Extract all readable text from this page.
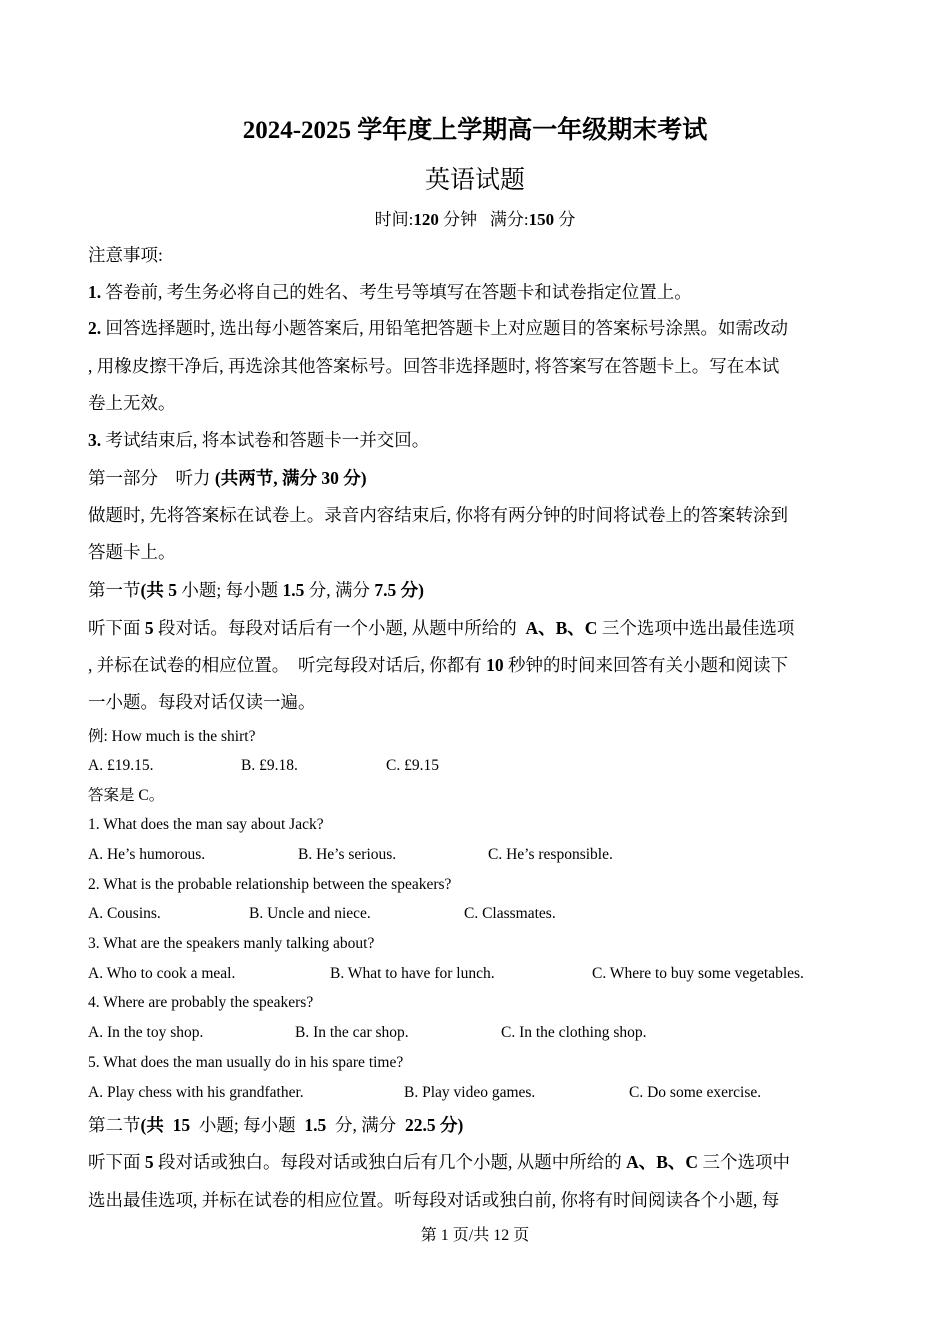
2024-2025 学年度上学期高一年级期末考试
英语试题
时间:120 分钟 满分:150 分
注意事项:
1. 答卷前, 考生务必将自己的姓名、考生号等填写在答题卡和试卷指定位置上。
2. 回答选择题时, 选出每小题答案后, 用铅笔把答题卡上对应题目的答案标号涂黑。如需改动
, 用橡皮擦干净后, 再选涂其他答案标号。回答非选择题时, 将答案写在答题卡上。写在本试
卷上无效。
3. 考试结束后, 将本试卷和答题卡一并交回。
第一部分　听力 (共两节, 满分 30 分)
做题时, 先将答案标在试卷上。录音内容结束后, 你将有两分钟的时间将试卷上的答案转涂到
答题卡上。
第一节(共 5 小题; 每小题 1.5 分, 满分 7.5 分)
听下面 5 段对话。每段对话后有一个小题, 从题中所给的 A、B、C 三个选项中选出最佳选项
, 并标在试卷的相应位置。　听完每段对话后, 你都有 10 秒钟的时间来回答有关小题和阅读下
一小题。每段对话仅读一遍。
例: How much is the shirt?
A. £19.15.	B. £9.18.	C. £9.15
答案是 C。
1. What does the man say about Jack?
A. He’s humorous.	B. He’s serious.	C. He’s responsible.
2. What is the probable relationship between the speakers?
A. Cousins.	B. Uncle and niece.	C. Classmates.
3. What are the speakers manly talking about?
A. Who to cook a meal.	B. What to have for lunch.	C. Where to buy some vegetables.
4. Where are probably the speakers?
A. In the toy shop.	B. In the car shop.	C. In the clothing shop.
5. What does the man usually do in his spare time?
A. Play chess with his grandfather.	B. Play video games.	C. Do some exercise.
第二节(共 15 小题; 每小题 1.5 分, 满分 22.5 分)
听下面 5 段对话或独白。每段对话或独白后有几个小题, 从题中所给的 A、B、C 三个选项中
选出最佳选项, 并标在试卷的相应位置。听每段对话或独白前, 你将有时间阅读各个小题, 每
第 1 页/共 12 页
